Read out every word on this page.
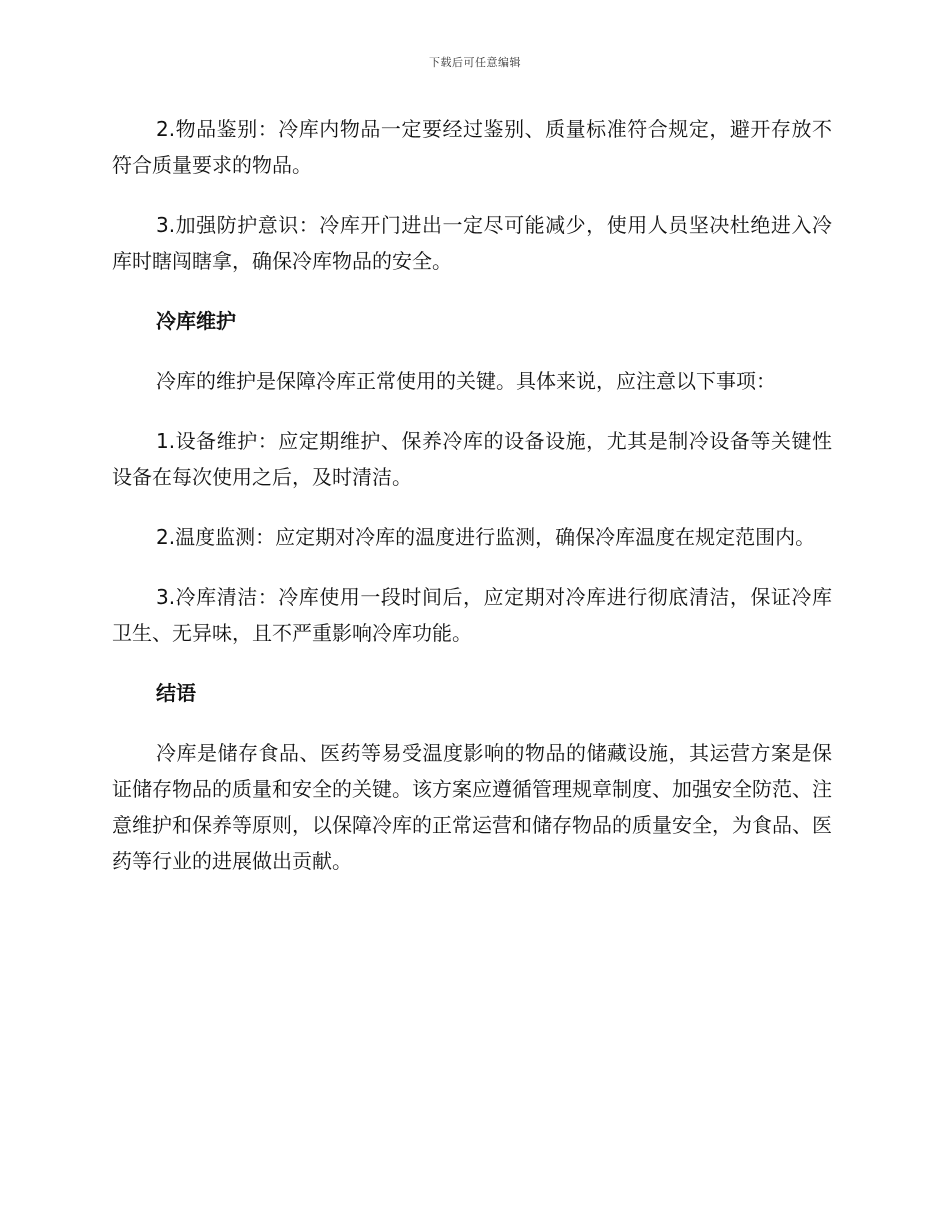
下载后可任意编辑

2.物品鉴别：冷库内物品一定要经过鉴别、质量标准符合规定，避开存放不符合质量要求的物品。

3.加强防护意识：冷库开门进出一定尽可能减少，使用人员坚决杜绝进入冷库时瞎闯瞎拿，确保冷库物品的安全。

冷库维护

冷库的维护是保障冷库正常使用的关键。具体来说，应注意以下事项：

1.设备维护：应定期维护、保养冷库的设备设施，尤其是制冷设备等关键性设备在每次使用之后，及时清洁。

2.温度监测：应定期对冷库的温度进行监测，确保冷库温度在规定范围内。

3.冷库清洁：冷库使用一段时间后，应定期对冷库进行彻底清洁，保证冷库卫生、无异味，且不严重影响冷库功能。

结语

冷库是储存食品、医药等易受温度影响的物品的储藏设施，其运营方案是保证储存物品的质量和安全的关键。该方案应遵循管理规章制度、加强安全防范、注意维护和保养等原则，以保障冷库的正常运营和储存物品的质量安全，为食品、医药等行业的进展做出贡献。
